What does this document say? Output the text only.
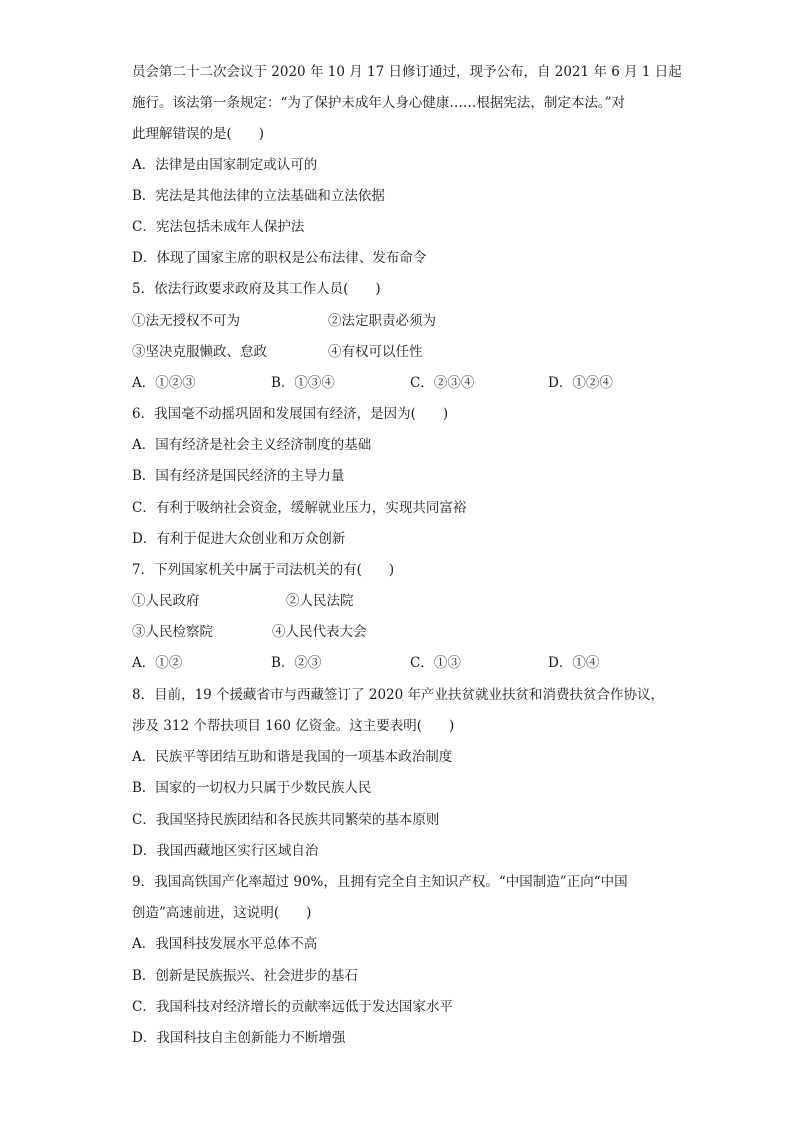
员会第二十二次会议于 2020 年 10 月 17 日修订通过，现予公布，自 2021 年 6 月 1 日起
施行。该法第一条规定：“为了保护未成年人身心健康……根据宪法，制定本法。”对
此理解错误的是(　　)
A．法律是由国家制定或认可的
B．宪法是其他法律的立法基础和立法依据
C．宪法包括未成年人保护法
D．体现了国家主席的职权是公布法律、发布命令
5．依法行政要求政府及其工作人员(　　)
①法无授权不可为	②法定职责必须为
③坚决克服懒政、怠政	④有权可以任性
A．①②③	B．①③④	C．②③④	D．①②④
6．我国毫不动摇巩固和发展国有经济，是因为(　　)
A．国有经济是社会主义经济制度的基础
B．国有经济是国民经济的主导力量
C．有利于吸纳社会资金，缓解就业压力，实现共同富裕
D．有利于促进大众创业和万众创新
7．下列国家机关中属于司法机关的有(　　)
①人民政府	②人民法院
③人民检察院	④人民代表大会
A．①②	B．②③	C．①③	D．①④
8．目前，19 个援藏省市与西藏签订了 2020 年产业扶贫就业扶贫和消费扶贫合作协议，
涉及 312 个帮扶项目 160 亿资金。这主要表明(　　)
A．民族平等团结互助和谐是我国的一项基本政治制度
B．国家的一切权力只属于少数民族人民
C．我国坚持民族团结和各民族共同繁荣的基本原则
D．我国西藏地区实行区域自治
9．我国高铁国产化率超过 90%，且拥有完全自主知识产权。“中国制造”正向“中国
创造”高速前进，这说明(　　)
A．我国科技发展水平总体不高
B．创新是民族振兴、社会进步的基石
C．我国科技对经济增长的贡献率远低于发达国家水平
D．我国科技自主创新能力不断增强
